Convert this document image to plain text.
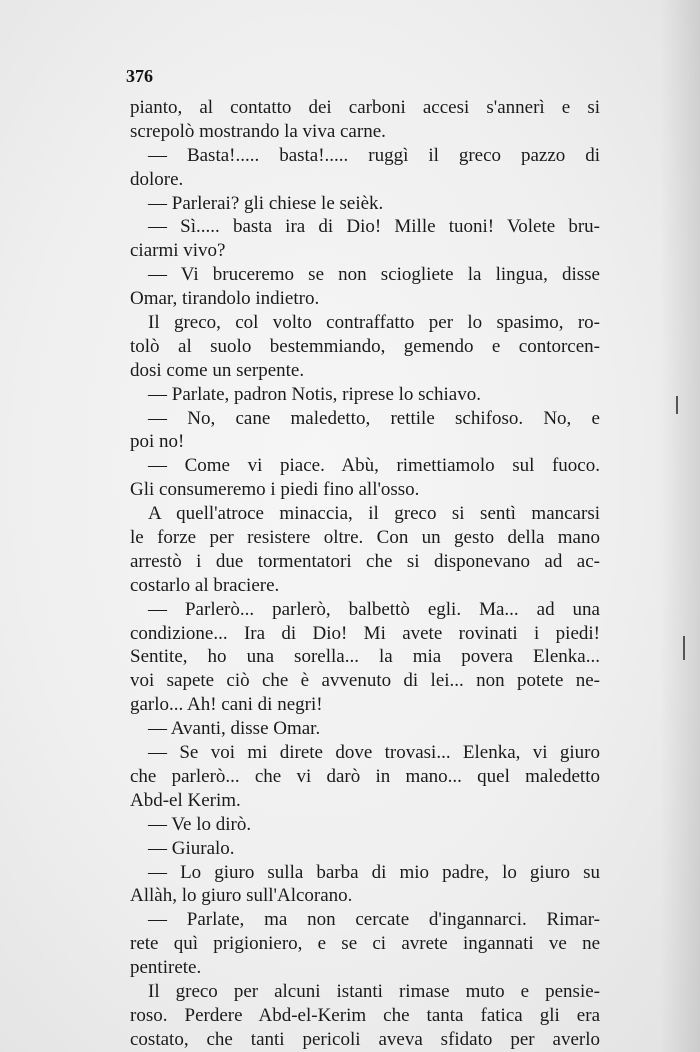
376

pianto, al contatto dei carboni accesi s'annerì e si
screpolò mostrando la viva carne.
— Basta!..... basta!..... ruggì il greco pazzo di
dolore.
— Parlerai? gli chiese le seièk.
— Sì..... basta ira di Dio! Mille tuoni! Volete bru-
ciarmi vivo?
— Vi bruceremo se non sciogliete la lingua, disse
Omar, tirandolo indietro.
Il greco, col volto contraffatto per lo spasimo, ro-
tolò al suolo bestemmiando, gemendo e contorcen-
dosi come un serpente.
— Parlate, padron Notis, riprese lo schiavo.
— No, cane maledetto, rettile schifoso. No, e
poi no!
— Come vi piace. Abù, rimettiamolo sul fuoco.
Gli consumeremo i piedi fino all'osso.
A quell'atroce minaccia, il greco si sentì mancarsi
le forze per resistere oltre. Con un gesto della mano
arrestò i due tormentatori che si disponevano ad ac-
costarlo al braciere.
— Parlerò... parlerò, balbettò egli. Ma... ad una
condizione... Ira di Dio! Mi avete rovinati i piedi!
Sentite, ho una sorella... la mia povera Elenka...
voi sapete ciò che è avvenuto di lei... non potete ne-
garlo... Ah! cani di negri!
— Avanti, disse Omar.
— Se voi mi direte dove trovasi... Elenka, vi giuro
che parlerò... che vi darò in mano... quel maledetto
Abd-el Kerim.
— Ve lo dirò.
— Giuralo.
— Lo giuro sulla barba di mio padre, lo giuro su
Allàh, lo giuro sull'Alcorano.
— Parlate, ma non cercate d'ingannarci. Rimar-
rete quì prigioniero, e se ci avrete ingannati ve ne
pentirete.
Il greco per alcuni istanti rimase muto e pensie-
roso. Perdere Abd-el-Kerim che tanta fatica gli era
costato, che tanti pericoli aveva sfidato per averlo
